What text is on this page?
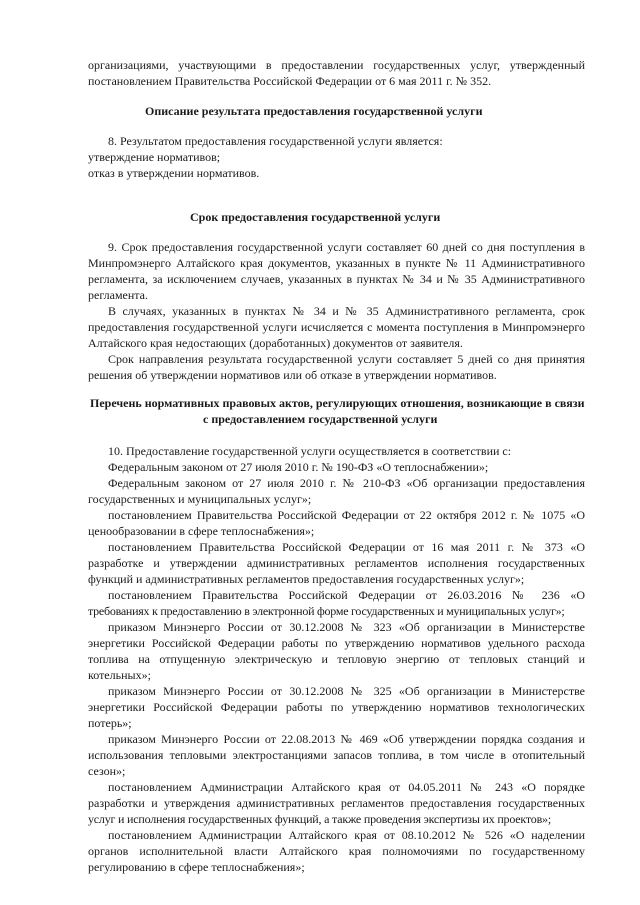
организациями, участвующими в предоставлении государственных услуг, утвержденный
постановлением Правительства Российской Федерации от 6 мая 2011 г. № 352.
Описание результата предоставления государственной услуги
8. Результатом предоставления государственной услуги является:
утверждение нормативов;
отказ в утверждении нормативов.
Срок предоставления государственной услуги
9. Срок предоставления государственной услуги составляет 60 дней со дня поступления в
Минпромэнерго Алтайского края документов, указанных в пункте № 11 Административного
регламента, за исключением случаев, указанных в пунктах № 34 и № 35 Административного
регламента.
В случаях, указанных в пунктах № 34 и № 35 Административного регламента, срок
предоставления государственной услуги исчисляется с момента поступления в Минпромэнерго
Алтайского края недостающих (доработанных) документов от заявителя.
Срок направления результата государственной услуги составляет 5 дней со дня принятия
решения об утверждении нормативов или об отказе в утверждении нормативов.
Перечень нормативных правовых актов, регулирующих отношения, возникающие в связи
с предоставлением государственной услуги
10. Предоставление государственной услуги осуществляется в соответствии с:
Федеральным законом от 27 июля 2010 г. № 190-ФЗ «О теплоснабжении»;
Федеральным законом от 27 июля 2010 г. № 210-ФЗ «Об организации предоставления
государственных и муниципальных услуг»;
постановлением Правительства Российской Федерации от 22 октября 2012 г. № 1075 «О
ценообразовании в сфере теплоснабжения»;
постановлением Правительства Российской Федерации от 16 мая 2011 г. № 373 «О
разработке и утверждении административных регламентов исполнения государственных
функций и административных регламентов предоставления государственных услуг»;
постановлением Правительства Российской Федерации от 26.03.2016 № 236 «О
требованиях к предоставлению в электронной форме государственных и муниципальных услуг»;
приказом Минэнерго России от 30.12.2008 № 323 «Об организации в Министерстве
энергетики Российской Федерации работы по утверждению нормативов удельного расхода
топлива на отпущенную электрическую и тепловую энергию от тепловых станций и
котельных»;
приказом Минэнерго России от 30.12.2008 № 325 «Об организации в Министерстве
энергетики Российской Федерации работы по утверждению нормативов технологических
потерь»;
приказом Минэнерго России от 22.08.2013 № 469 «Об утверждении порядка создания и
использования тепловыми электростанциями запасов топлива, в том числе в отопительный
сезон»;
постановлением Администрации Алтайского края от 04.05.2011 № 243 «О порядке
разработки и утверждения административных регламентов предоставления государственных
услуг и исполнения государственных функций, а также проведения экспертизы их проектов»;
постановлением Администрации Алтайского края от 08.10.2012 № 526 «О наделении
органов исполнительной власти Алтайского края полномочиями по государственному
регулированию в сфере теплоснабжения»;
